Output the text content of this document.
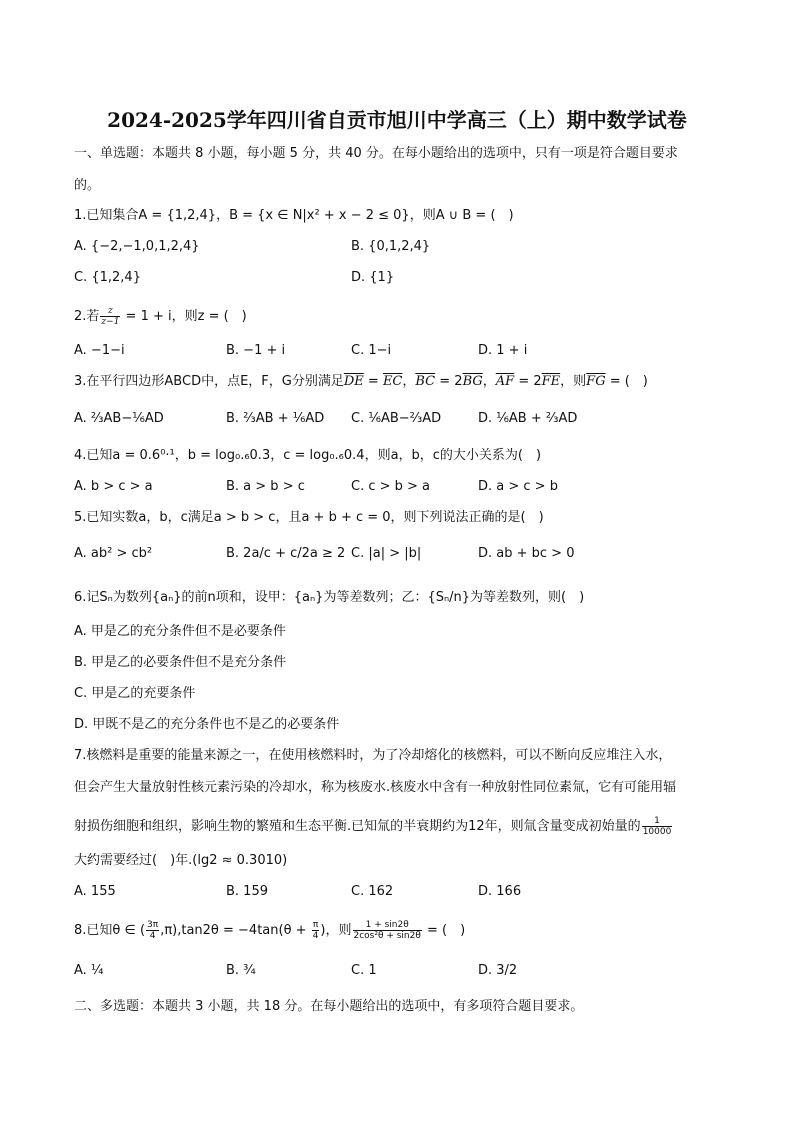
2024-2025学年四川省自贡市旭川中学高三（上）期中数学试卷
一、单选题：本题共 8 小题，每小题 5 分，共 40 分。在每小题给出的选项中，只有一项是符合题目要求
的。
1.已知集合A = {1,2,4}，B = {x ∈ N|x² + x − 2 ≤ 0}，则A ∪ B = (　)
A. {−2,−1,0,1,2,4}	B. {0,1,2,4}
C. {1,2,4}	D. {1}
2.若 $\frac{z}{z-1} = 1 + i$，则z = (　)
A. −1−i	B. −1 + i	C. 1−i	D. 1 + i
3.在平行四边形ABCD中，点E，F，G分别满足$\overline{DE} = \overline{EC}$，$\overline{BC} = 2\overline{BG}$，$\overline{AF} = 2\overline{FE}$，则$\overline{FG}$ = (　)
A. ⅔AB−⅙AD	B. ⅔AB + ⅙AD C. ⅙AB−⅔AD	D. ⅙AB + ⅔AD
4.已知a = 0.6⁰·¹，b = log₀.₆0.3，c = log₀.₆0.4，则a，b，c的大小关系为(　)
A. b > c > a	B. a > b > c	C. c > b > a	D. a > c > b
5.已知实数a，b，c满足a > b > c，且a + b + c = 0，则下列说法正确的是(　)
A. ab² > cb²	B. 2a/c + c/2a ≥ 2 C. |a| > |b|	D. ab + bc > 0
6.记Sₙ为数列{aₙ}的前n项和，设甲：{aₙ}为等差数列；乙：{Sₙ/n}为等差数列，则(　)
A. 甲是乙的充分条件但不是必要条件
B. 甲是乙的必要条件但不是充分条件
C. 甲是乙的充要条件
D. 甲既不是乙的充分条件也不是乙的必要条件
7.核燃料是重要的能量来源之一，在使用核燃料时，为了冷却熔化的核燃料，可以不断向反应堆注入水，
但会产生大量放射性核元素污染的冷却水，称为核废水.核废水中含有一种放射性同位素氚，它有可能用辐
射损伤细胞和组织，影响生物的繁殖和生态平衡.已知氚的半衰期约为12年，则氚含量变成初始量的 $\frac{1}{10000}$
大约需要经过(　)年.(lg2 ≈ 0.3010)
A. 155	B. 159	C. 162	D. 166
8.已知θ ∈ ( $\frac{3\pi}{4} ,\pi),\tan 2\theta = -4\tan(\theta + \frac{\pi}{4}$ )，则 $\frac{1 + \sin 2\theta}{\text{2cos²θ + sin2θ}}$ = (　)
A. ¼	B. ¾	C. 1	D. 3/2
二、多选题：本题共 3 小题，共 18 分。在每小题给出的选项中，有多项符合题目要求。
